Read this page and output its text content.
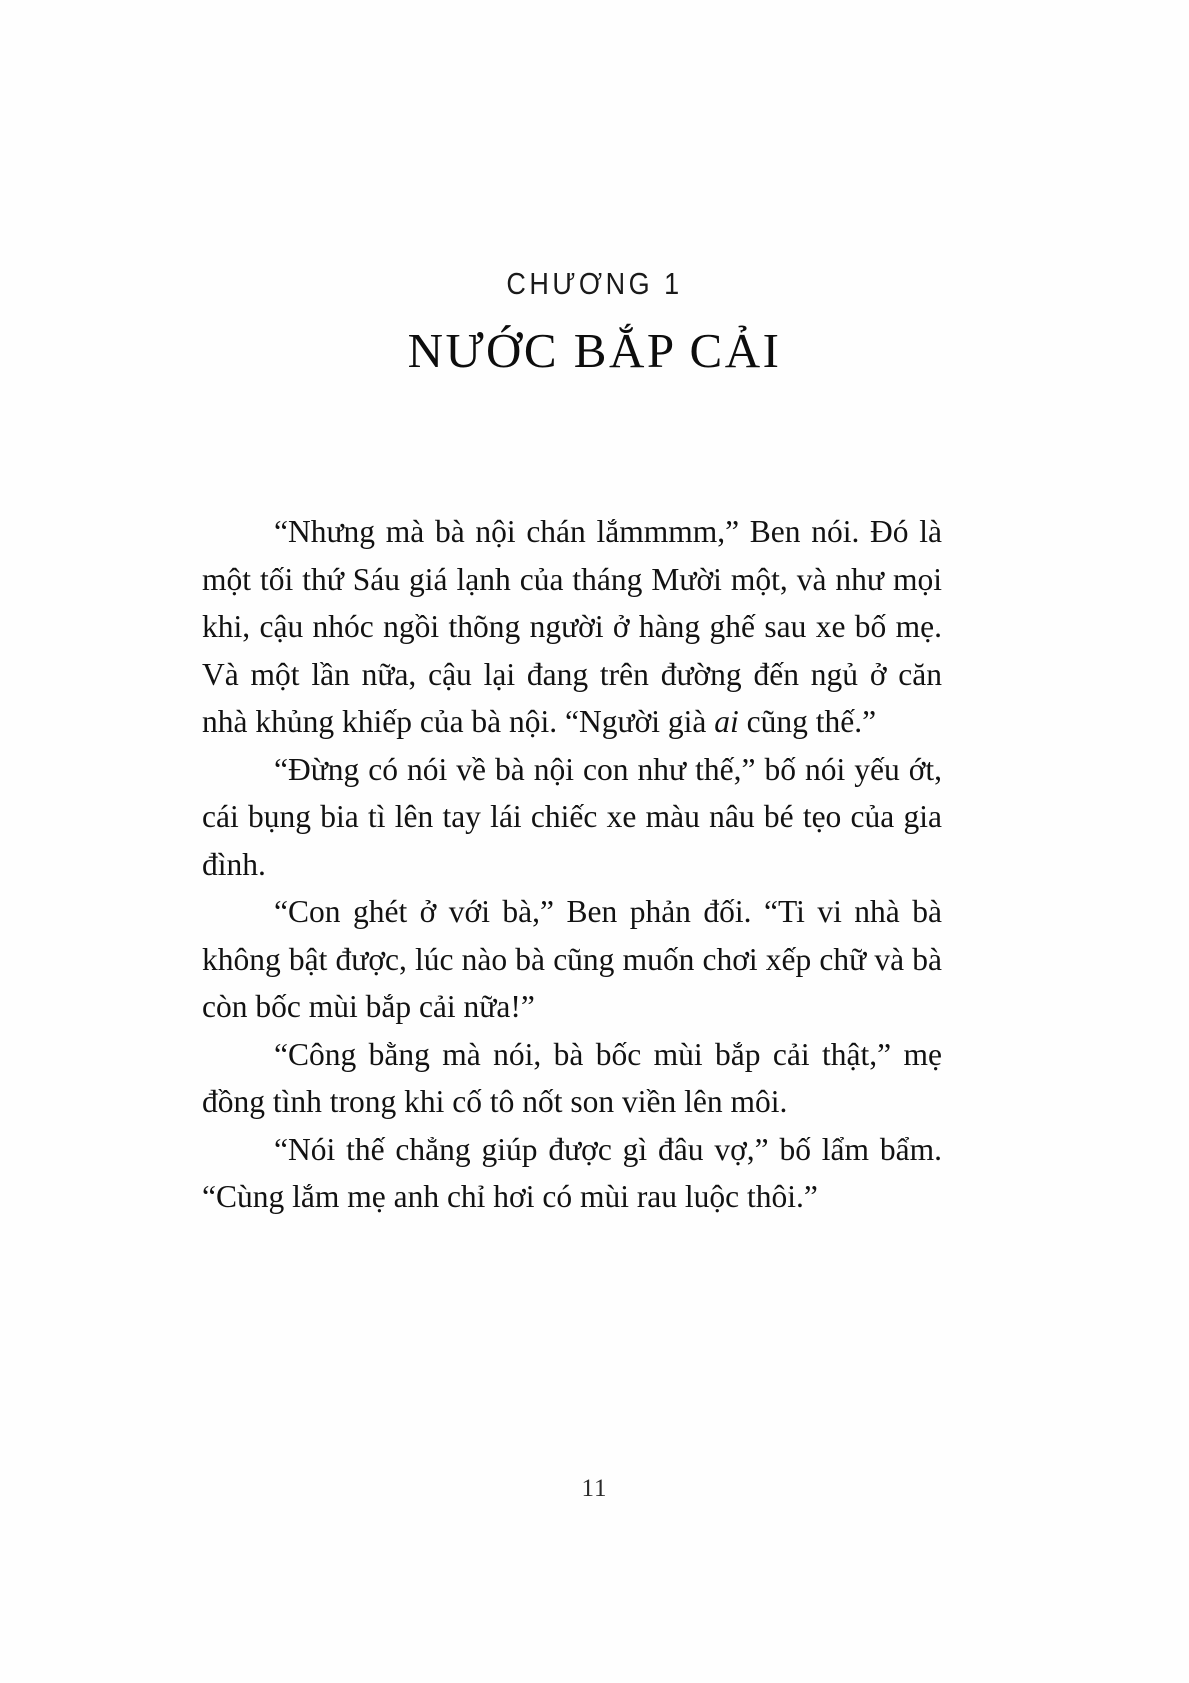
CHƯƠNG 1
NƯỚC BẮP CẢI

“Nhưng mà bà nội chán lắmmmm,” Ben nói. Đó là một tối thứ Sáu giá lạnh của tháng Mười một, và như mọi khi, cậu nhóc ngồi thõng người ở hàng ghế sau xe bố mẹ. Và một lần nữa, cậu lại đang trên đường đến ngủ ở căn nhà khủng khiếp của bà nội. “Người già ai cũng thế.”

“Đừng có nói về bà nội con như thế,” bố nói yếu ớt, cái bụng bia tì lên tay lái chiếc xe màu nâu bé tẹo của gia đình.

“Con ghét ở với bà,” Ben phản đối. “Ti vi nhà bà không bật được, lúc nào bà cũng muốn chơi xếp chữ và bà còn bốc mùi bắp cải nữa!”

“Công bằng mà nói, bà bốc mùi bắp cải thật,” mẹ đồng tình trong khi cố tô nốt son viền lên môi.

“Nói thế chẳng giúp được gì đâu vợ,” bố lẩm bẩm. “Cùng lắm mẹ anh chỉ hơi có mùi rau luộc thôi.”

11
